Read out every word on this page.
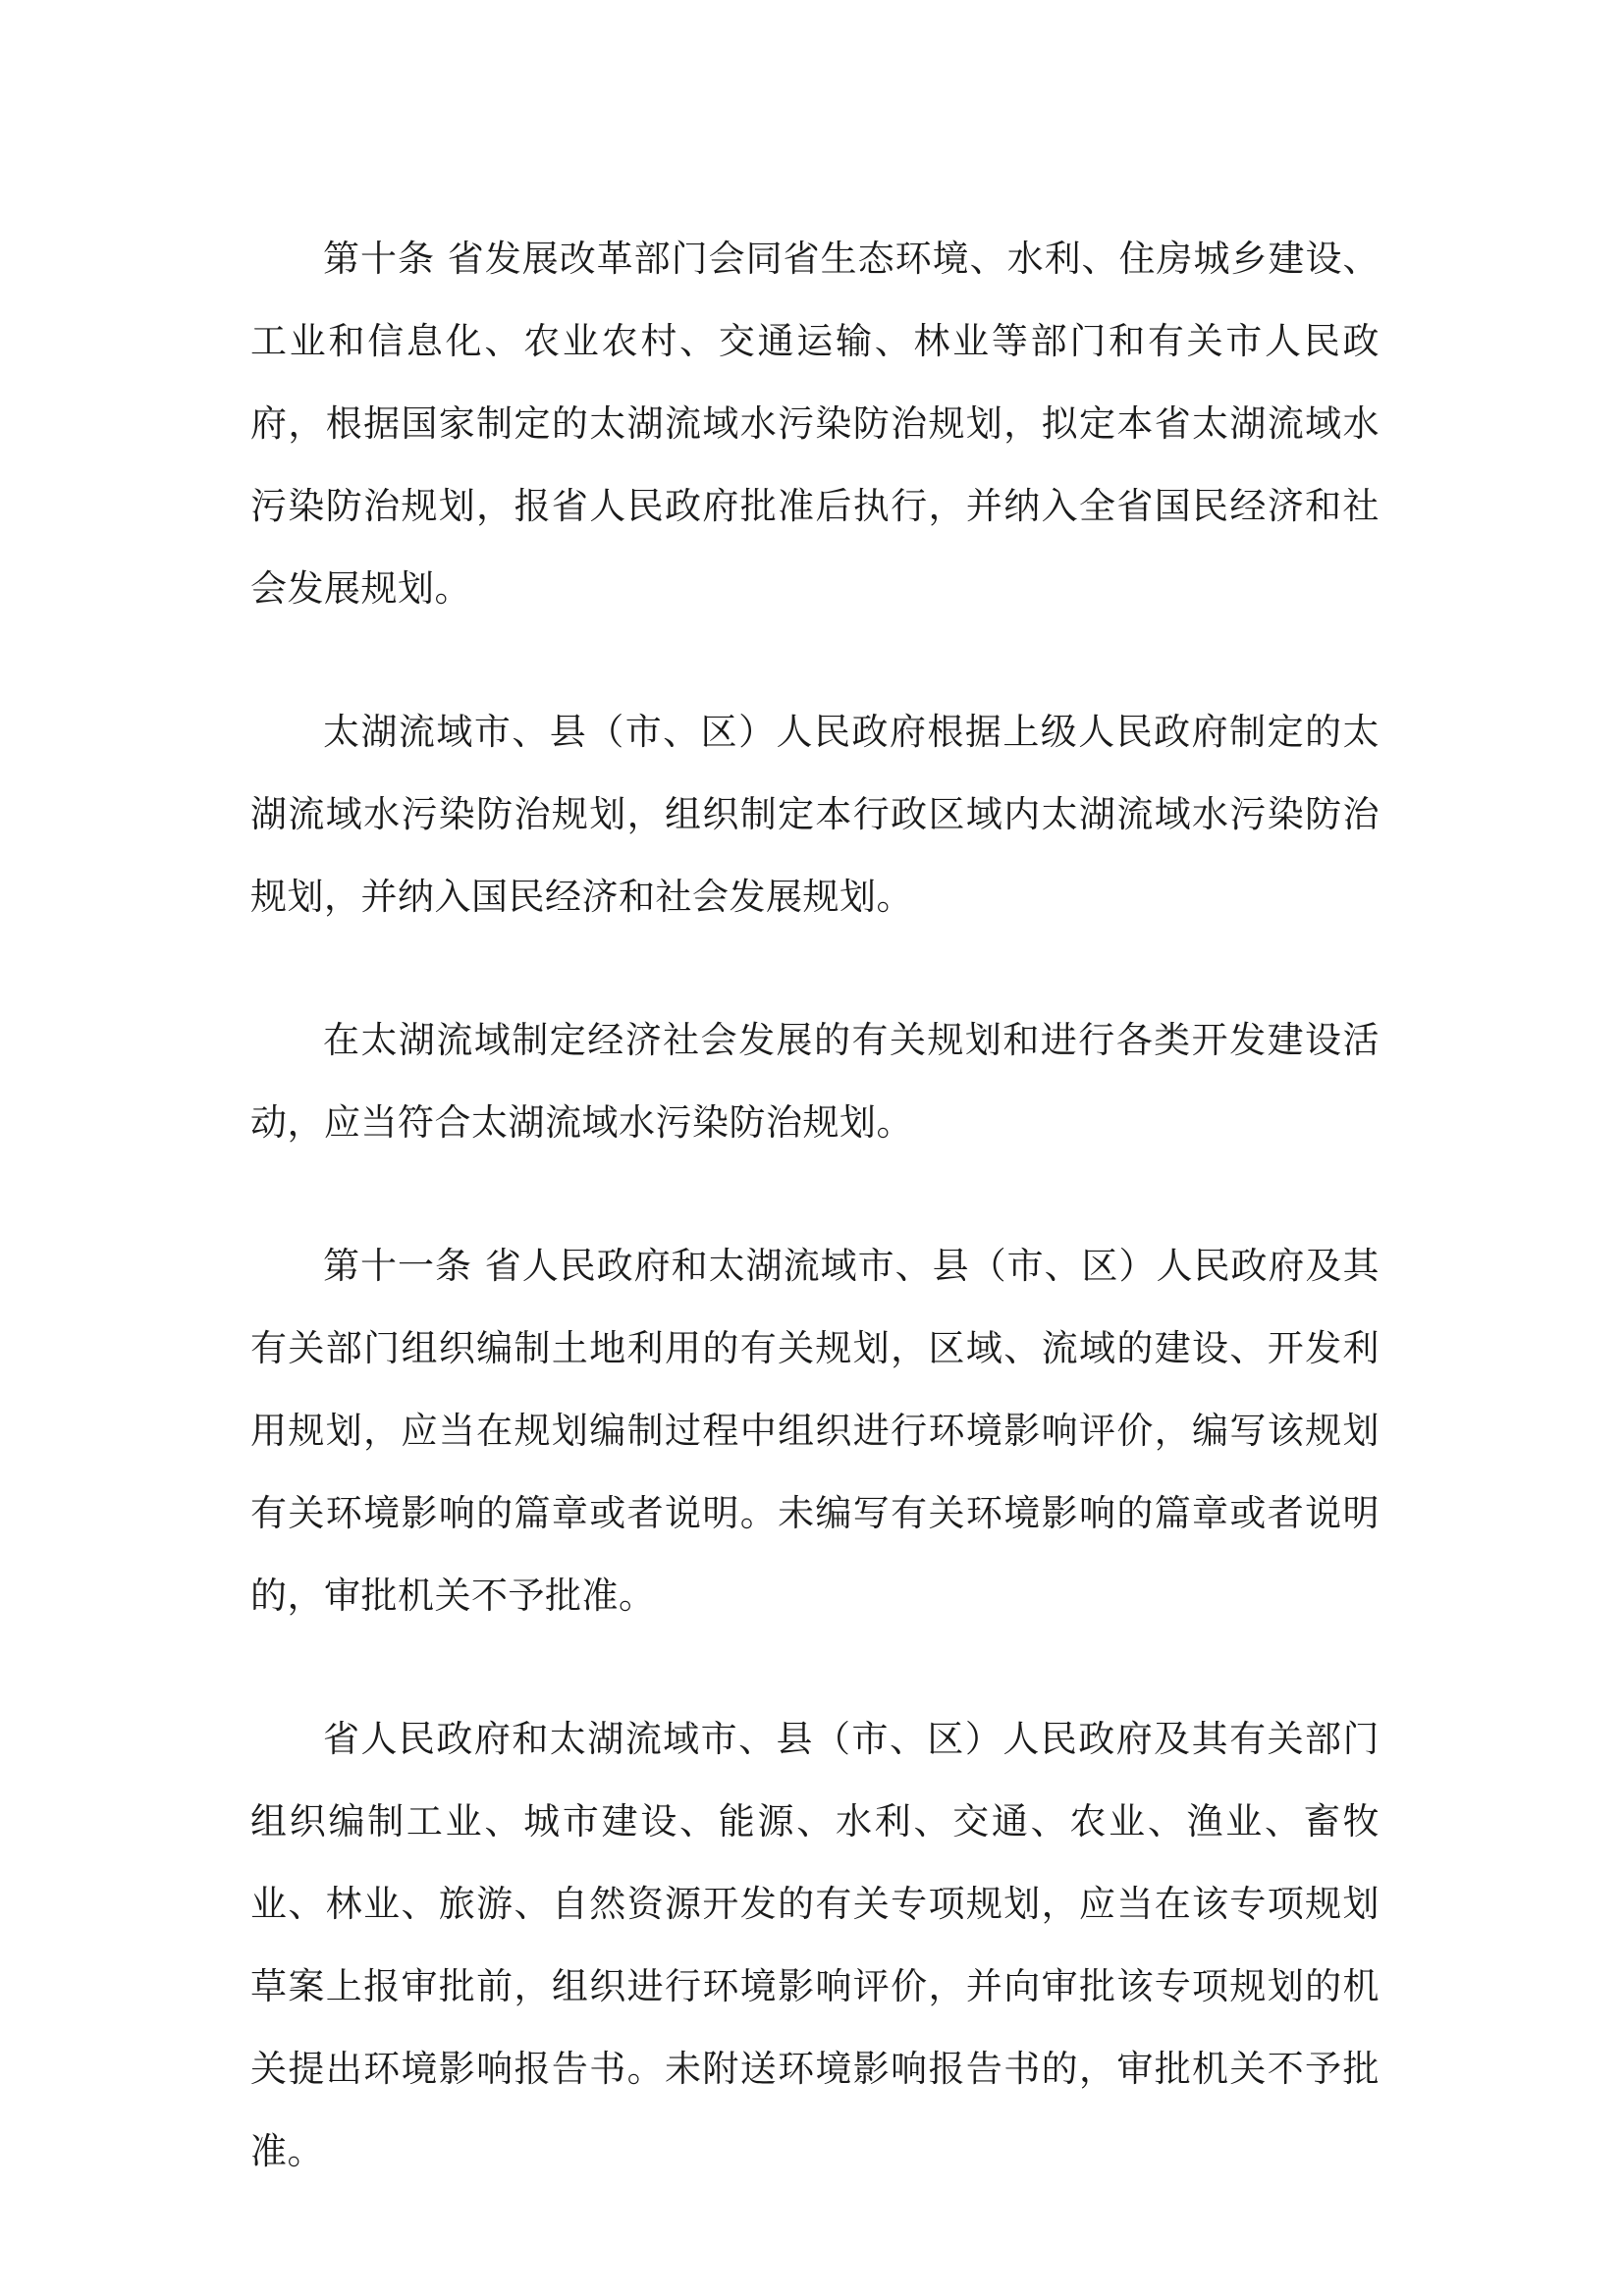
第十条 省发展改革部门会同省生态环境、水利、住房城乡建设、工业和信息化、农业农村、交通运输、林业等部门和有关市人民政府，根据国家制定的太湖流域水污染防治规划，拟定本省太湖流域水污染防治规划，报省人民政府批准后执行，并纳入全省国民经济和社会发展规划。

太湖流域市、县（市、区）人民政府根据上级人民政府制定的太湖流域水污染防治规划，组织制定本行政区域内太湖流域水污染防治规划，并纳入国民经济和社会发展规划。

在太湖流域制定经济社会发展的有关规划和进行各类开发建设活动，应当符合太湖流域水污染防治规划。

第十一条 省人民政府和太湖流域市、县（市、区）人民政府及其有关部门组织编制土地利用的有关规划，区域、流域的建设、开发利用规划，应当在规划编制过程中组织进行环境影响评价，编写该规划有关环境影响的篇章或者说明。未编写有关环境影响的篇章或者说明的，审批机关不予批准。

省人民政府和太湖流域市、县（市、区）人民政府及其有关部门组织编制工业、城市建设、能源、水利、交通、农业、渔业、畜牧业、林业、旅游、自然资源开发的有关专项规划，应当在该专项规划草案上报审批前，组织进行环境影响评价，并向审批该专项规划的机关提出环境影响报告书。未附送环境影响报告书的，审批机关不予批准。
